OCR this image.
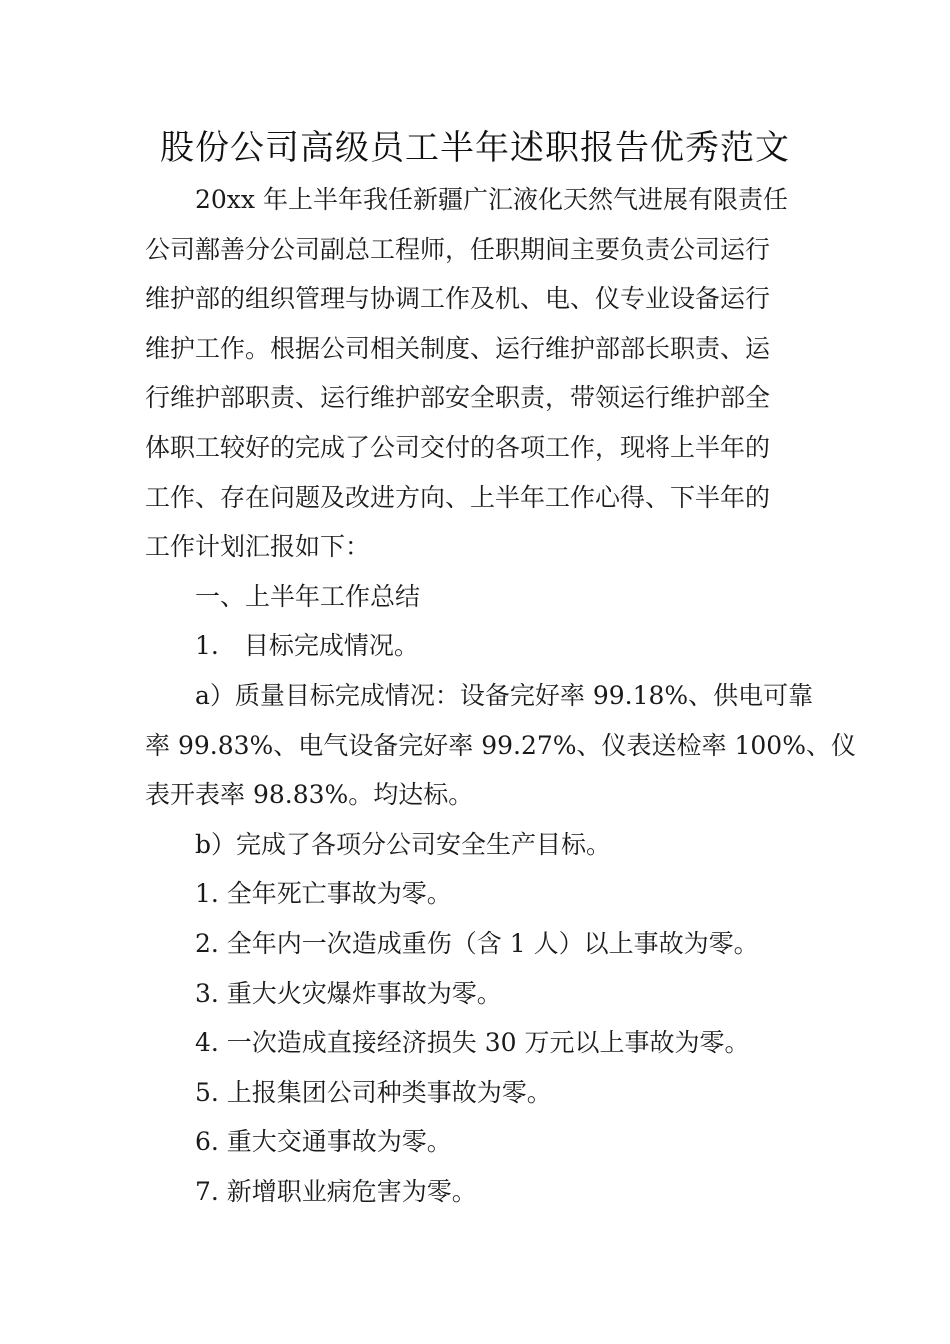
股份公司高级员工半年述职报告优秀范文
20xx 年上半年我任新疆广汇液化天然气进展有限责任
公司鄯善分公司副总工程师，任职期间主要负责公司运行
维护部的组织管理与协调工作及机、电、仪专业设备运行
维护工作。根据公司相关制度、运行维护部部长职责、运
行维护部职责、运行维护部安全职责，带领运行维护部全
体职工较好的完成了公司交付的各项工作，现将上半年的
工作、存在问题及改进方向、上半年工作心得、下半年的
工作计划汇报如下：
一、上半年工作总结
1.　目标完成情况。
a）质量目标完成情况：设备完好率 99.18%、供电可靠
率 99.83%、电气设备完好率 99.27%、仪表送检率 100%、仪
表开表率 98.83%。均达标。
b）完成了各项分公司安全生产目标。
1. 全年死亡事故为零。
2. 全年内一次造成重伤（含 1 人）以上事故为零。
3. 重大火灾爆炸事故为零。
4. 一次造成直接经济损失 30 万元以上事故为零。
5. 上报集团公司种类事故为零。
6. 重大交通事故为零。
7. 新增职业病危害为零。
